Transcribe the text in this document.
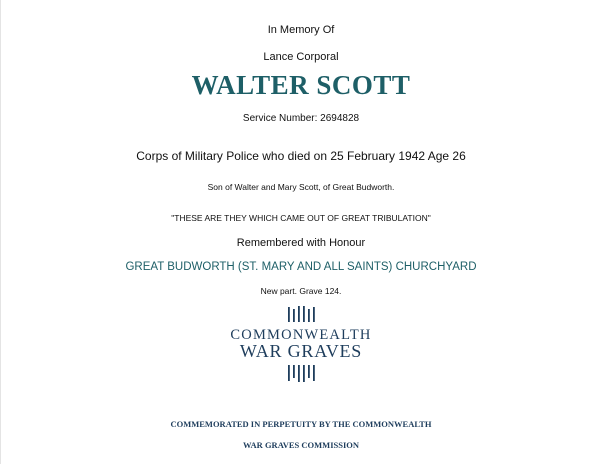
In Memory Of
Lance Corporal
WALTER SCOTT
Service Number: 2694828
Corps of Military Police who died on 25 February 1942 Age 26
Son of Walter and Mary Scott, of Great Budworth.
"THESE ARE THEY WHICH CAME OUT OF GREAT TRIBULATION"
Remembered with Honour
GREAT BUDWORTH (ST. MARY AND ALL SAINTS) CHURCHYARD
New part. Grave 124.
COMMONWEALTH
WAR GRAVES
COMMEMORATED IN PERPETUITY BY THE COMMONWEALTH
WAR GRAVES COMMISSION
